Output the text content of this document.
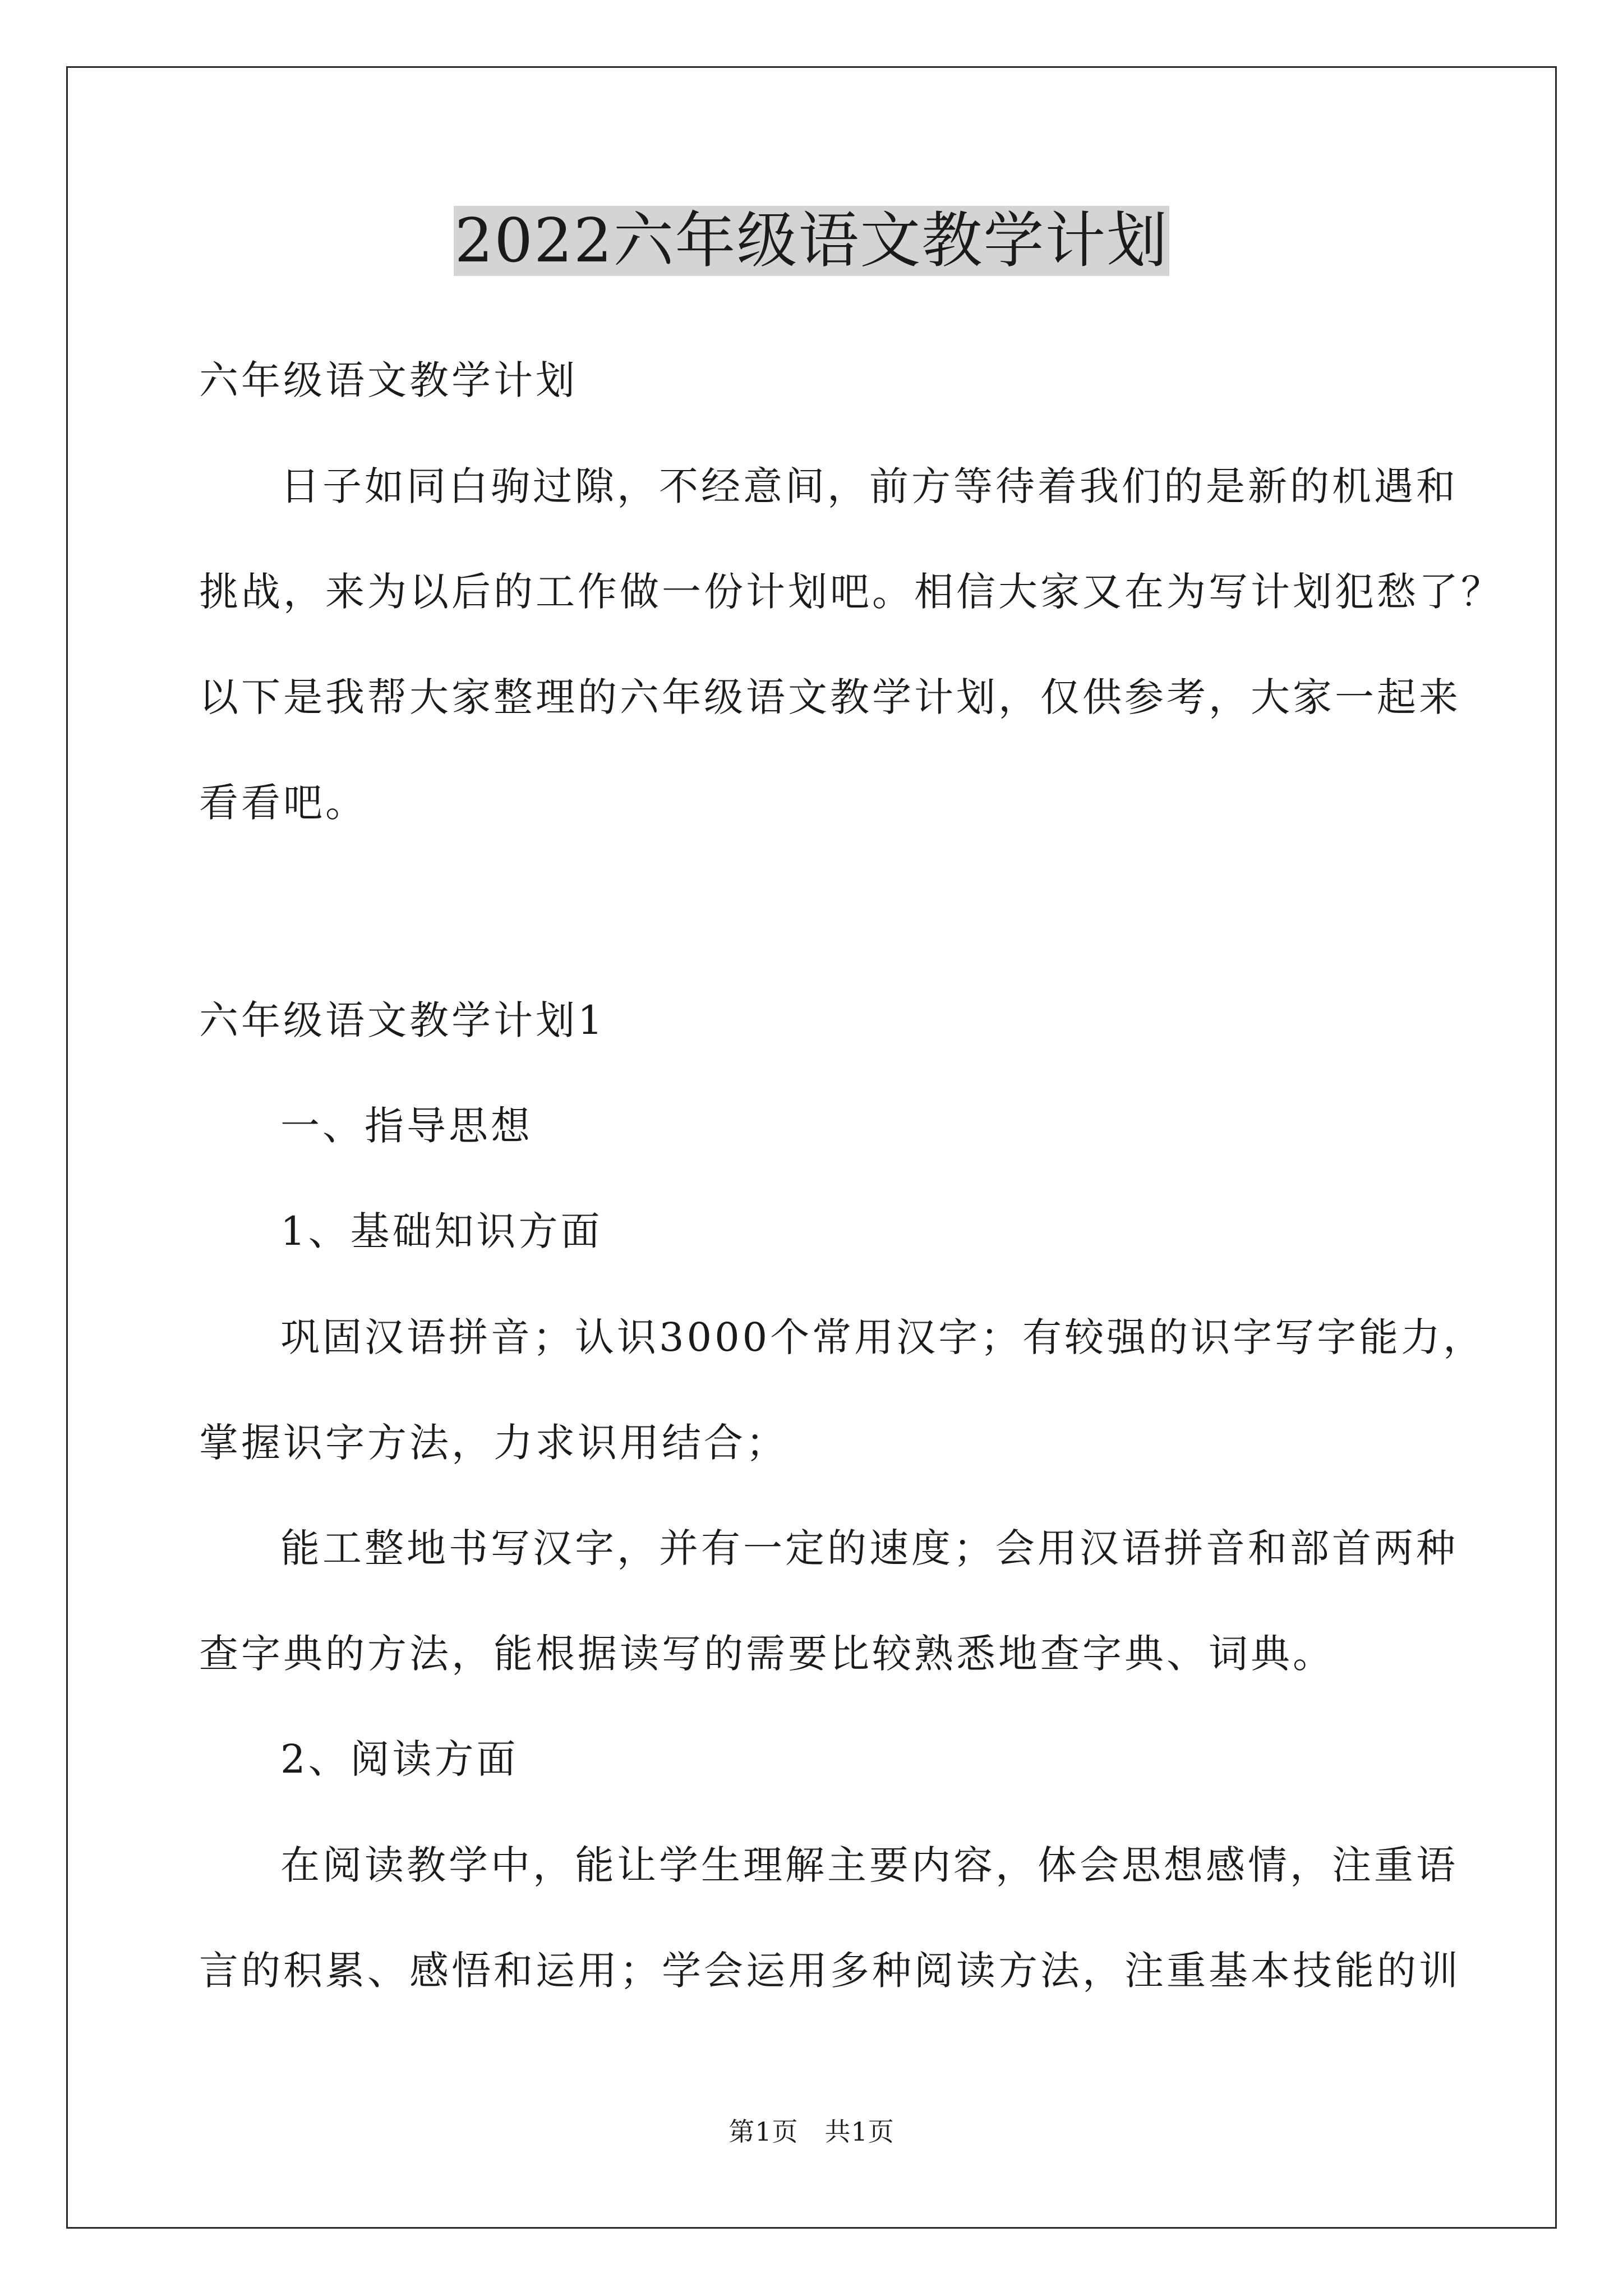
2022六年级语文教学计划
六年级语文教学计划
日子如同白驹过隙，不经意间，前方等待着我们的是新的机遇和
挑战，来为以后的工作做一份计划吧。相信大家又在为写计划犯愁了？
以下是我帮大家整理的六年级语文教学计划，仅供参考，大家一起来
看看吧。
六年级语文教学计划1
一、指导思想
1、基础知识方面
巩固汉语拼音；认识3000个常用汉字；有较强的识字写字能力，
掌握识字方法，力求识用结合；
能工整地书写汉字，并有一定的速度；会用汉语拼音和部首两种
查字典的方法，能根据读写的需要比较熟悉地查字典、词典。
2、阅读方面
在阅读教学中，能让学生理解主要内容，体会思想感情，注重语
言的积累、感悟和运用；学会运用多种阅读方法，注重基本技能的训
第1页　共1页
